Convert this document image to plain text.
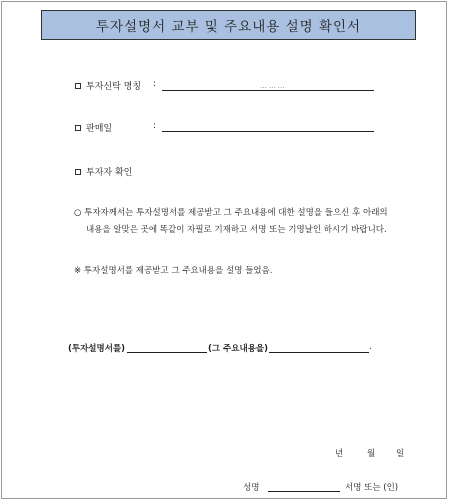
투자설명서 교부 및 주요내용 설명 확인서
투자신탁 명칭 :	... ... ...
판매일	:
투자자 확인
○ 투자자께서는 투자설명서를 제공받고 그 주요내용에 대한 설명을 들으신 후 아래의
내용을 알맞은 곳에 똑같이 자필로 기재하고 서명 또는 기명날인 하시기 바랍니다.
※ 투자설명서를 제공받고 그 주요내용을 설명 들었음.
(투자설명서를)	(그 주요내용을)	.
년	월 일
성명	서명 또는 (인)
